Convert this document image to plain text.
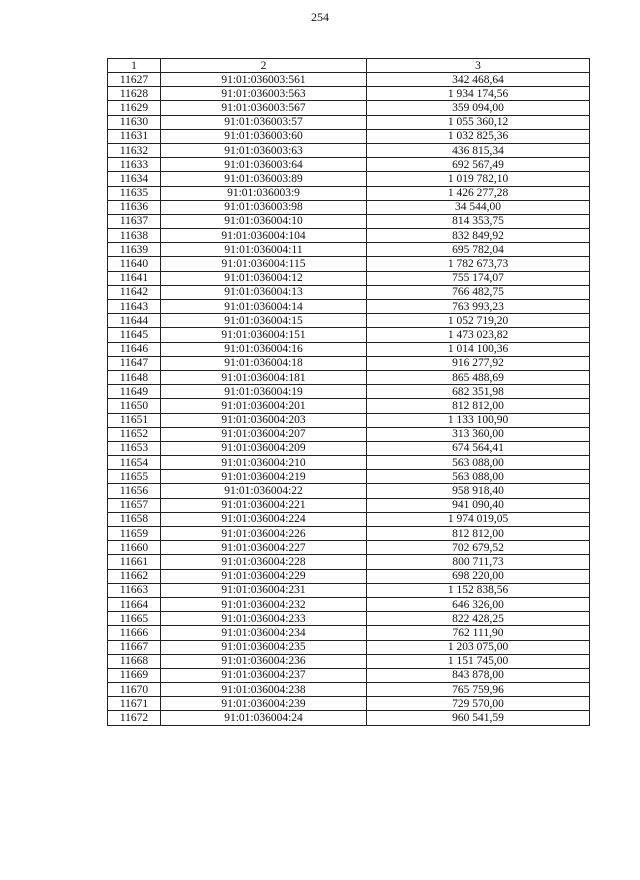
254
1	2	3
11627	91:01:036003:561	342 468,64
11628	91:01:036003:563	1 934 174,56
11629	91:01:036003:567	359 094,00
11630	91:01:036003:57	1 055 360,12
11631	91:01:036003:60	1 032 825,36
11632	91:01:036003:63	436 815,34
11633	91:01:036003:64	692 567,49
11634	91:01:036003:89	1 019 782,10
11635	91:01:036003:9	1 426 277,28
11636	91:01:036003:98	34 544,00
11637	91:01:036004:10	814 353,75
11638	91:01:036004:104	832 849,92
11639	91:01:036004:11	695 782,04
11640	91:01:036004:115	1 782 673,73
11641	91:01:036004:12	755 174,07
11642	91:01:036004:13	766 482,75
11643	91:01:036004:14	763 993,23
11644	91:01:036004:15	1 052 719,20
11645	91:01:036004:151	1 473 023,82
11646	91:01:036004:16	1 014 100,36
11647	91:01:036004:18	916 277,92
11648	91:01:036004:181	865 488,69
11649	91:01:036004:19	682 351,98
11650	91:01:036004:201	812 812,00
11651	91:01:036004:203	1 133 100,90
11652	91:01:036004:207	313 360,00
11653	91:01:036004:209	674 564,41
11654	91:01:036004:210	563 088,00
11655	91:01:036004:219	563 088,00
11656	91:01:036004:22	958 918,40
11657	91:01:036004:221	941 090,40
11658	91:01:036004:224	1 974 019,05
11659	91:01:036004:226	812 812,00
11660	91:01:036004:227	702 679,52
11661	91:01:036004:228	800 711,73
11662	91:01:036004:229	698 220,00
11663	91:01:036004:231	1 152 838,56
11664	91:01:036004:232	646 326,00
11665	91:01:036004:233	822 428,25
11666	91:01:036004:234	762 111,90
11667	91:01:036004:235	1 203 075,00
11668	91:01:036004:236	1 151 745,00
11669	91:01:036004:237	843 878,00
11670	91:01:036004:238	765 759,96
11671	91:01:036004:239	729 570,00
11672	91:01:036004:24	960 541,59
